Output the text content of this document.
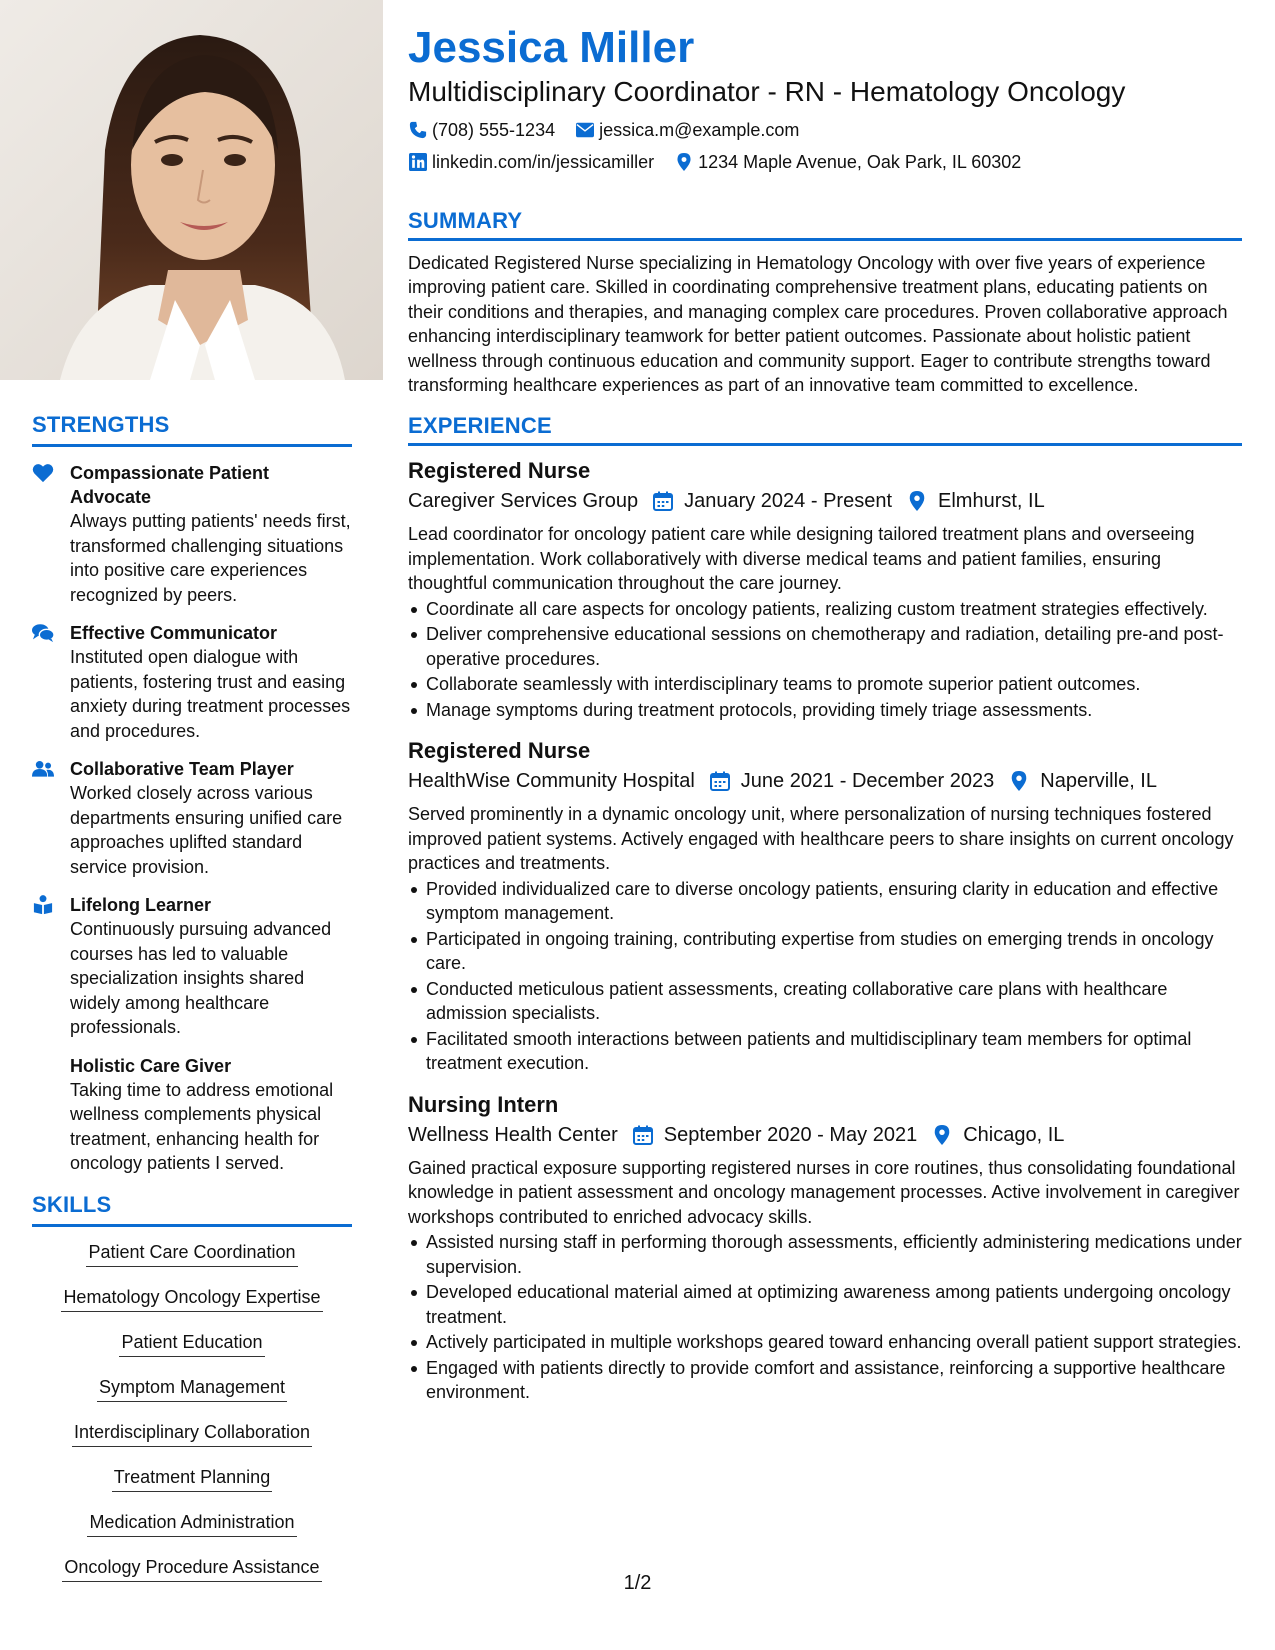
STRENGTHS
Compassionate Patient Advocate
Always putting patients' needs first, transformed challenging situations into positive care experiences recognized by peers.
Effective Communicator
Instituted open dialogue with patients, fostering trust and easing anxiety during treatment processes and procedures.
Collaborative Team Player
Worked closely across various departments ensuring unified care approaches uplifted standard service provision.
Lifelong Learner
Continuously pursuing advanced courses has led to valuable specialization insights shared widely among healthcare professionals.
Holistic Care Giver
Taking time to address emotional wellness complements physical treatment, enhancing health for oncology patients I served.
SKILLS
Patient Care Coordination
Hematology Oncology Expertise
Patient Education
Symptom Management
Interdisciplinary Collaboration
Treatment Planning
Medication Administration
Oncology Procedure Assistance
Jessica Miller
Multidisciplinary Coordinator - RN - Hematology Oncology
(708) 555-1234 jessica.m@example.com
linkedin.com/in/jessicamiller 1234 Maple Avenue, Oak Park, IL 60302
SUMMARY
Dedicated Registered Nurse specializing in Hematology Oncology with over five years of experience improving patient care. Skilled in coordinating comprehensive treatment plans, educating patients on their conditions and therapies, and managing complex care procedures. Proven collaborative approach enhancing interdisciplinary teamwork for better patient outcomes. Passionate about holistic patient wellness through continuous education and community support. Eager to contribute strengths toward transforming healthcare experiences as part of an innovative team committed to excellence.
EXPERIENCE
Registered Nurse
Caregiver Services Group January 2024 - Present Elmhurst, IL
Lead coordinator for oncology patient care while designing tailored treatment plans and overseeing implementation. Work collaboratively with diverse medical teams and patient families, ensuring thoughtful communication throughout the care journey.
Coordinate all care aspects for oncology patients, realizing custom treatment strategies effectively.
Deliver comprehensive educational sessions on chemotherapy and radiation, detailing pre-and post-operative procedures.
Collaborate seamlessly with interdisciplinary teams to promote superior patient outcomes.
Manage symptoms during treatment protocols, providing timely triage assessments.
Registered Nurse
HealthWise Community Hospital June 2021 - December 2023 Naperville, IL
Served prominently in a dynamic oncology unit, where personalization of nursing techniques fostered improved patient systems. Actively engaged with healthcare peers to share insights on current oncology practices and treatments.
Provided individualized care to diverse oncology patients, ensuring clarity in education and effective symptom management.
Participated in ongoing training, contributing expertise from studies on emerging trends in oncology care.
Conducted meticulous patient assessments, creating collaborative care plans with healthcare admission specialists.
Facilitated smooth interactions between patients and multidisciplinary team members for optimal treatment execution.
Nursing Intern
Wellness Health Center September 2020 - May 2021 Chicago, IL
Gained practical exposure supporting registered nurses in core routines, thus consolidating foundational knowledge in patient assessment and oncology management processes. Active involvement in caregiver workshops contributed to enriched advocacy skills.
Assisted nursing staff in performing thorough assessments, efficiently administering medications under supervision.
Developed educational material aimed at optimizing awareness among patients undergoing oncology treatment.
Actively participated in multiple workshops geared toward enhancing overall patient support strategies.
Engaged with patients directly to provide comfort and assistance, reinforcing a supportive healthcare environment.
1/2
